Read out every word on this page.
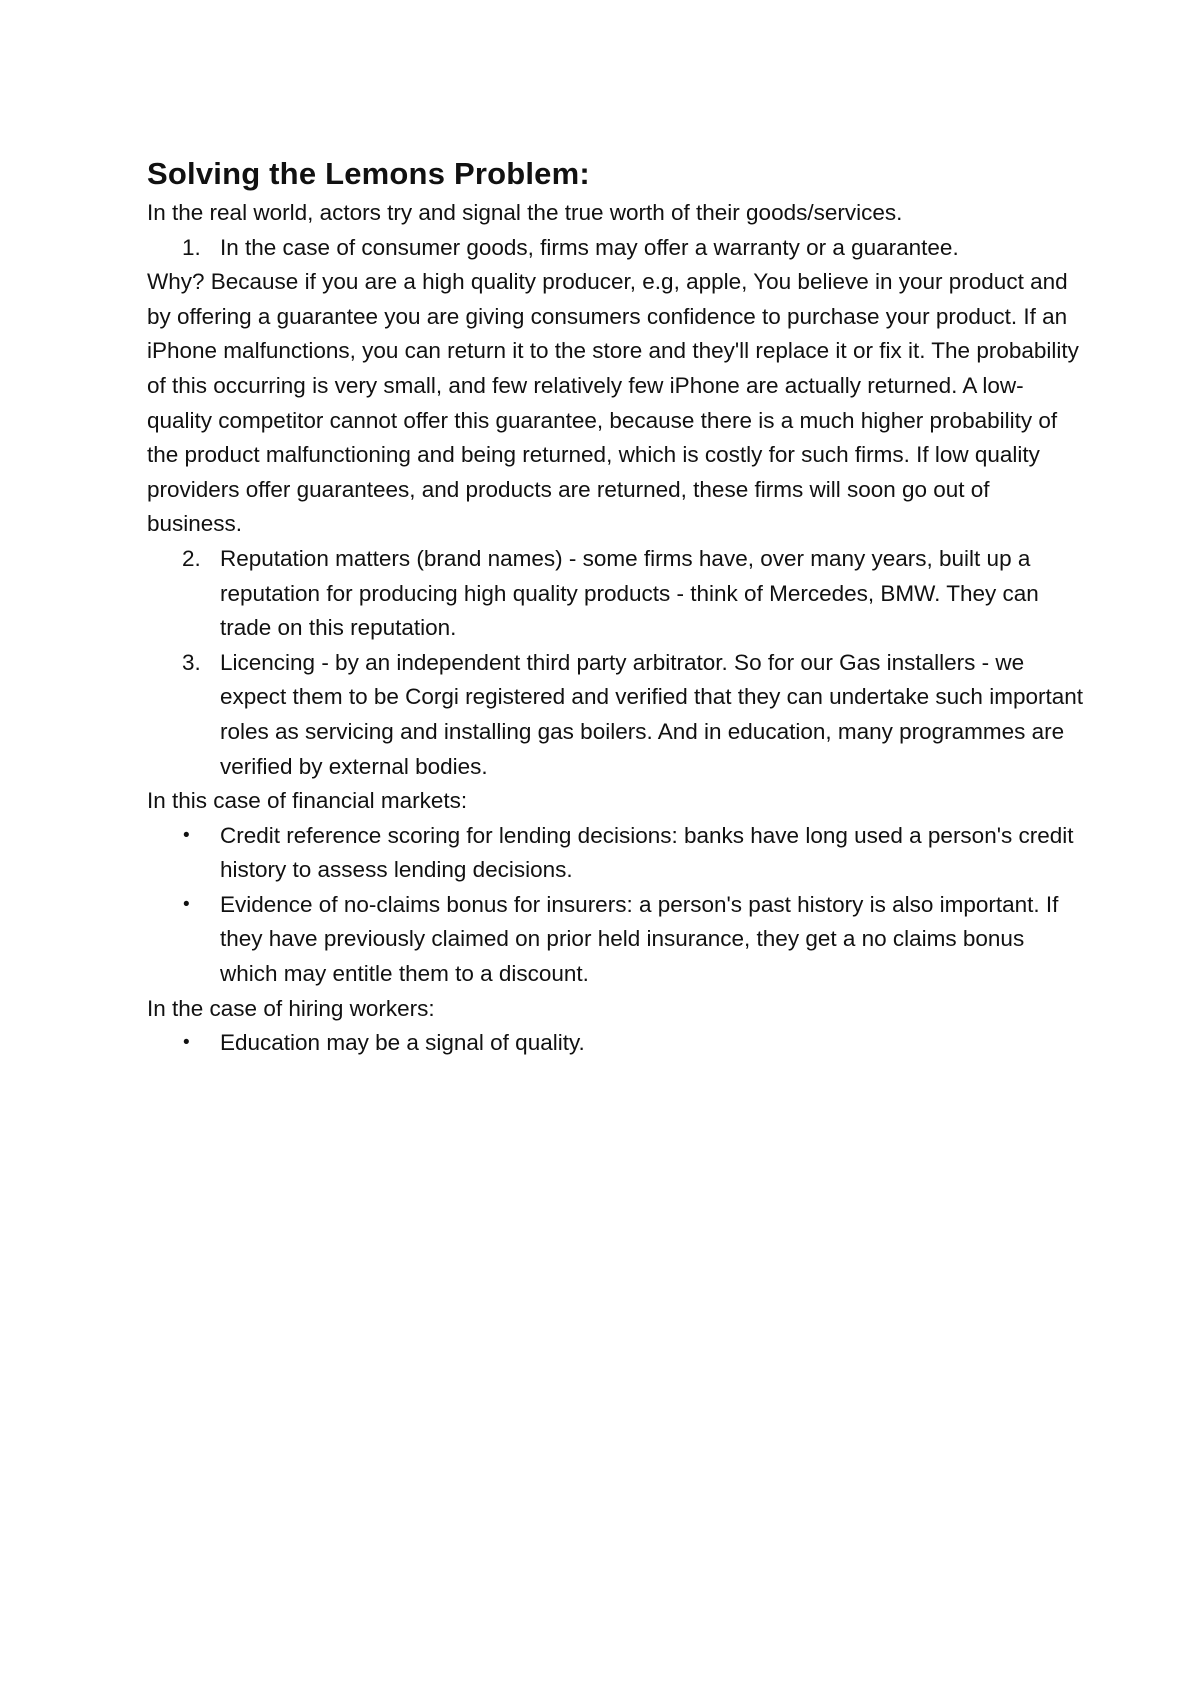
Solving the Lemons Problem:

In the real world, actors try and signal the true worth of their goods/services.

1. In the case of consumer goods, firms may offer a warranty or a guarantee.

Why? Because if you are a high quality producer, e.g, apple, You believe in your product and by offering a guarantee you are giving consumers confidence to purchase your product. If an iPhone malfunctions, you can return it to the store and they'll replace it or fix it. The probability of this occurring is very small, and few relatively few iPhone are actually returned. A low-quality competitor cannot offer this guarantee, because there is a much higher probability of the product malfunctioning and being returned, which is costly for such firms. If low quality providers offer guarantees, and products are returned, these firms will soon go out of business.

2. Reputation matters (brand names) - some firms have, over many years, built up a reputation for producing high quality products - think of Mercedes, BMW. They can trade on this reputation.
3. Licencing - by an independent third party arbitrator. So for our Gas installers - we expect them to be Corgi registered and verified that they can undertake such important roles as servicing and installing gas boilers. And in education, many programmes are verified by external bodies.

In this case of financial markets:

•	Credit reference scoring for lending decisions: banks have long used a person's credit history to assess lending decisions.
•	Evidence of no-claims bonus for insurers: a person's past history is also important. If they have previously claimed on prior held insurance, they get a no claims bonus which may entitle them to a discount.

In the case of hiring workers:

•	Education may be a signal of quality.
